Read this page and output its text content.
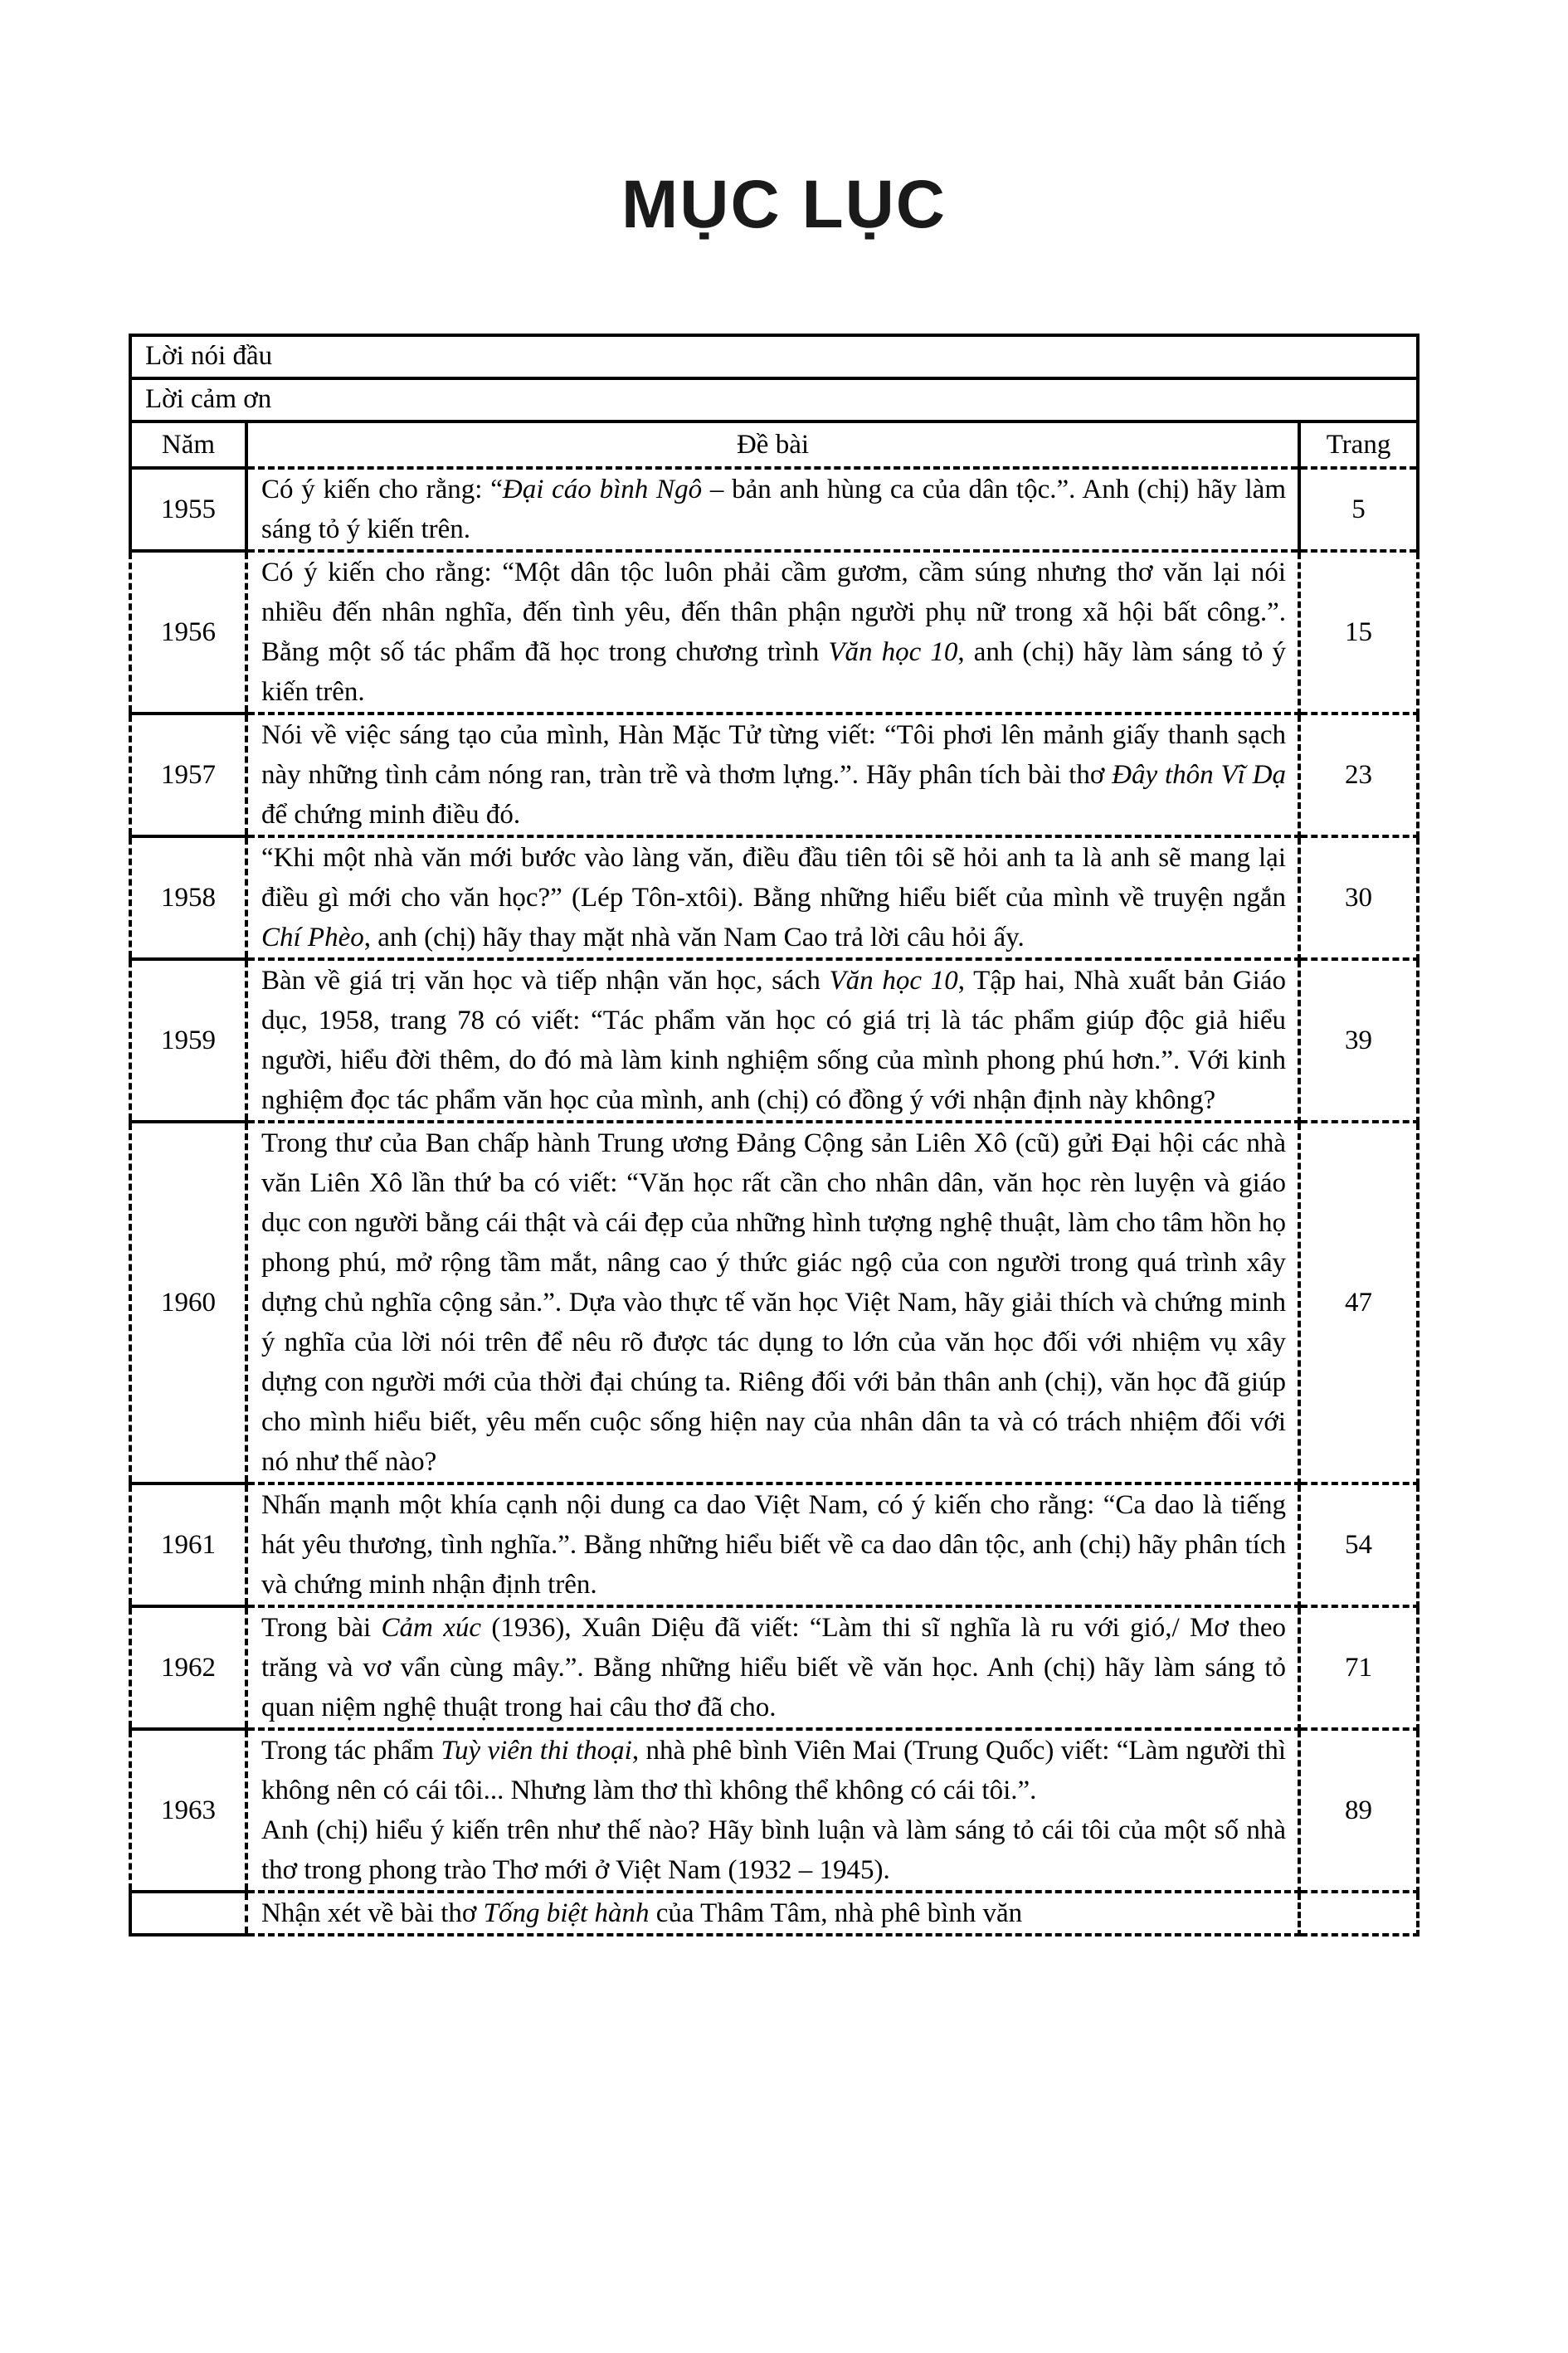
MỤC LỤC
Lời nói đầu		
Lời cảm ơn		
Năm	Đề bài	Trang
1955	Có ý kiến cho rằng: “Đại cáo bình Ngô – bản anh hùng ca của dân tộc.”. Anh (chị) hãy làm sáng tỏ ý kiến trên.	5
1956	Có ý kiến cho rằng: “Một dân tộc luôn phải cầm gươm, cầm súng nhưng thơ văn lại nói nhiều đến nhân nghĩa, đến tình yêu, đến thân phận người phụ nữ trong xã hội bất công.”. Bằng một số tác phẩm đã học trong chương trình Văn học 10, anh (chị) hãy làm sáng tỏ ý kiến trên.	15
1957	Nói về việc sáng tạo của mình, Hàn Mặc Tử từng viết: “Tôi phơi lên mảnh giấy thanh sạch này những tình cảm nóng ran, tràn trề và thơm lựng.”. Hãy phân tích bài thơ Đây thôn Vĩ Dạ để chứng minh điều đó.	23
1958	“Khi một nhà văn mới bước vào làng văn, điều đầu tiên tôi sẽ hỏi anh ta là anh sẽ mang lại điều gì mới cho văn học?” (Lép Tôn-xtôi). Bằng những hiểu biết của mình về truyện ngắn Chí Phèo, anh (chị) hãy thay mặt nhà văn Nam Cao trả lời câu hỏi ấy.	30
1959	Bàn về giá trị văn học và tiếp nhận văn học, sách Văn học 10, Tập hai, Nhà xuất bản Giáo dục, 1958, trang 78 có viết: “Tác phẩm văn học có giá trị là tác phẩm giúp độc giả hiểu người, hiểu đời thêm, do đó mà làm kinh nghiệm sống của mình phong phú hơn.”. Với kinh nghiệm đọc tác phẩm văn học của mình, anh (chị) có đồng ý với nhận định này không?	39
1960	Trong thư của Ban chấp hành Trung ương Đảng Cộng sản Liên Xô (cũ) gửi Đại hội các nhà văn Liên Xô lần thứ ba có viết: “Văn học rất cần cho nhân dân, văn học rèn luyện và giáo dục con người bằng cái thật và cái đẹp của những hình tượng nghệ thuật, làm cho tâm hồn họ phong phú, mở rộng tầm mắt, nâng cao ý thức giác ngộ của con người trong quá trình xây dựng chủ nghĩa cộng sản.”. Dựa vào thực tế văn học Việt Nam, hãy giải thích và chứng minh ý nghĩa của lời nói trên để nêu rõ được tác dụng to lớn của văn học đối với nhiệm vụ xây dựng con người mới của thời đại chúng ta. Riêng đối với bản thân anh (chị), văn học đã giúp cho mình hiểu biết, yêu mến cuộc sống hiện nay của nhân dân ta và có trách nhiệm đối với nó như thế nào?	47
1961	Nhấn mạnh một khía cạnh nội dung ca dao Việt Nam, có ý kiến cho rằng: “Ca dao là tiếng hát yêu thương, tình nghĩa.”. Bằng những hiểu biết về ca dao dân tộc, anh (chị) hãy phân tích và chứng minh nhận định trên.	54
1962	Trong bài Cảm xúc (1936), Xuân Diệu đã viết: “Làm thi sĩ nghĩa là ru với gió,/ Mơ theo trăng và vơ vẩn cùng mây.”. Bằng những hiểu biết về văn học. Anh (chị) hãy làm sáng tỏ quan niệm nghệ thuật trong hai câu thơ đã cho.	71
1963	Trong tác phẩm Tuỳ viên thi thoại, nhà phê bình Viên Mai (Trung Quốc) viết: “Làm người thì không nên có cái tôi... Nhưng làm thơ thì không thể không có cái tôi.”.
Anh (chị) hiểu ý kiến trên như thế nào? Hãy bình luận và làm sáng tỏ cái tôi của một số nhà thơ trong phong trào Thơ mới ở Việt Nam (1932 – 1945).	89
	Nhận xét về bài thơ Tống biệt hành của Thâm Tâm, nhà phê bình văn	
